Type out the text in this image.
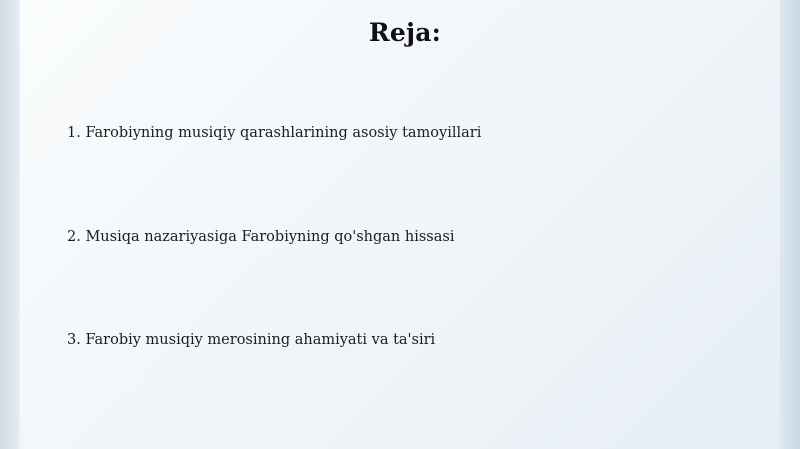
Reja:
1. Farobiyning musiqiy qarashlarining asosiy tamoyillari
2. Musiqa nazariyasiga Farobiyning qo'shgan hissasi
3. Farobiy musiqiy merosining ahamiyati va ta'siri
